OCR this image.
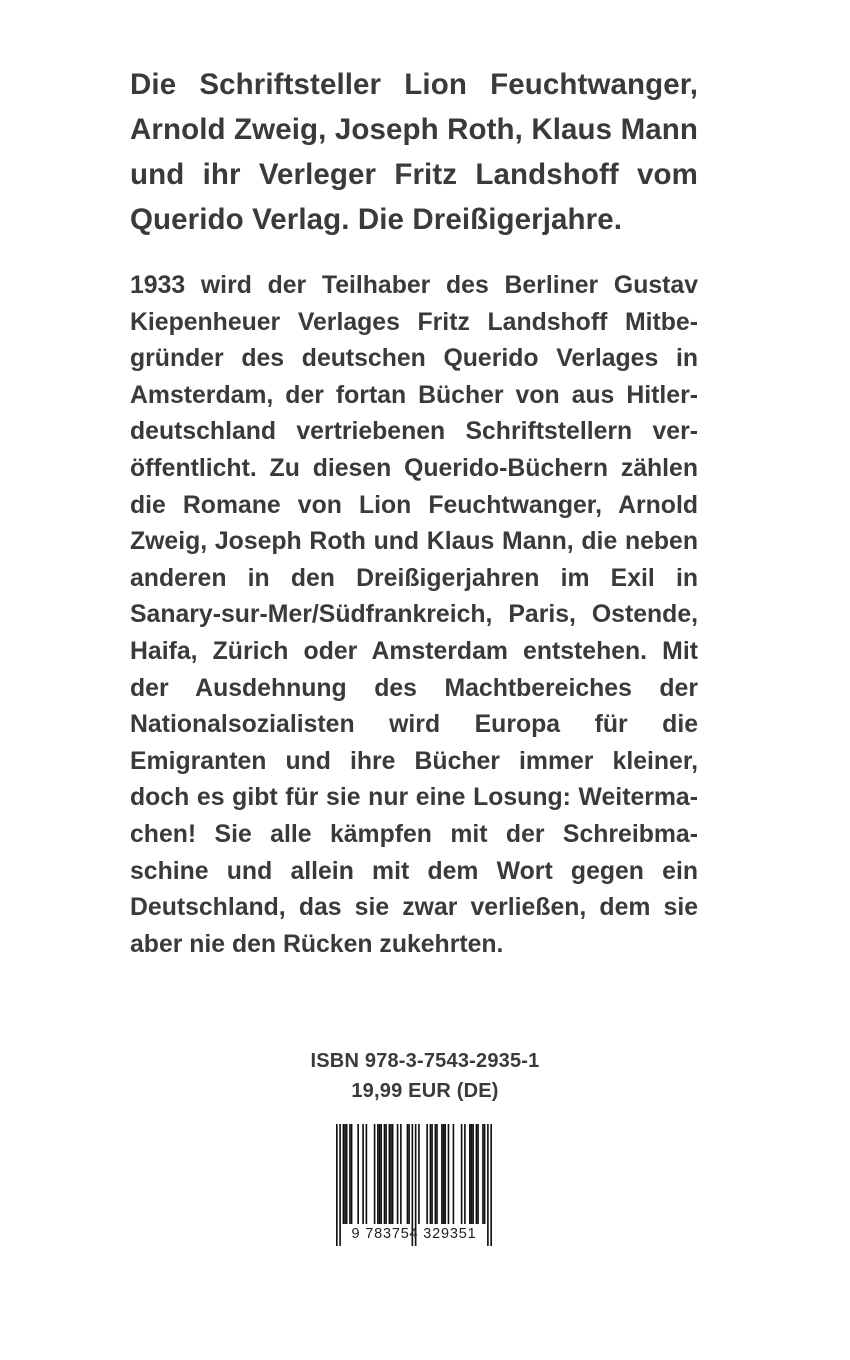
Die Schriftsteller Lion Feuchtwanger, Arnold Zweig, Joseph Roth, Klaus Mann und ihr Verleger Fritz Landshoff vom Querido Verlag. Die Dreißigerjahre.

1933 wird der Teilhaber des Berliner Gustav Kiepenheuer Verlages Fritz Landshoff Mitbegründer des deutschen Querido Verlages in Amsterdam, der fortan Bücher von aus Hitlerdeutschland vertriebenen Schriftstellern veröffentlicht. Zu diesen Querido-Büchern zählen die Romane von Lion Feuchtwanger, Arnold Zweig, Joseph Roth und Klaus Mann, die neben anderen in den Dreißigerjahren im Exil in Sanary-sur-Mer/Südfrankreich, Paris, Ostende, Haifa, Zürich oder Amsterdam entstehen. Mit der Ausdehnung des Machtbereiches der Nationalsozialisten wird Europa für die Emigranten und ihre Bücher immer kleiner, doch es gibt für sie nur eine Losung: Weitermachen! Sie alle kämpfen mit der Schreibmaschine und allein mit dem Wort gegen ein Deutschland, das sie zwar verließen, dem sie aber nie den Rücken zukehrten.

ISBN 978-3-7543-2935-1
19,99 EUR (DE)
9 783754 329351
